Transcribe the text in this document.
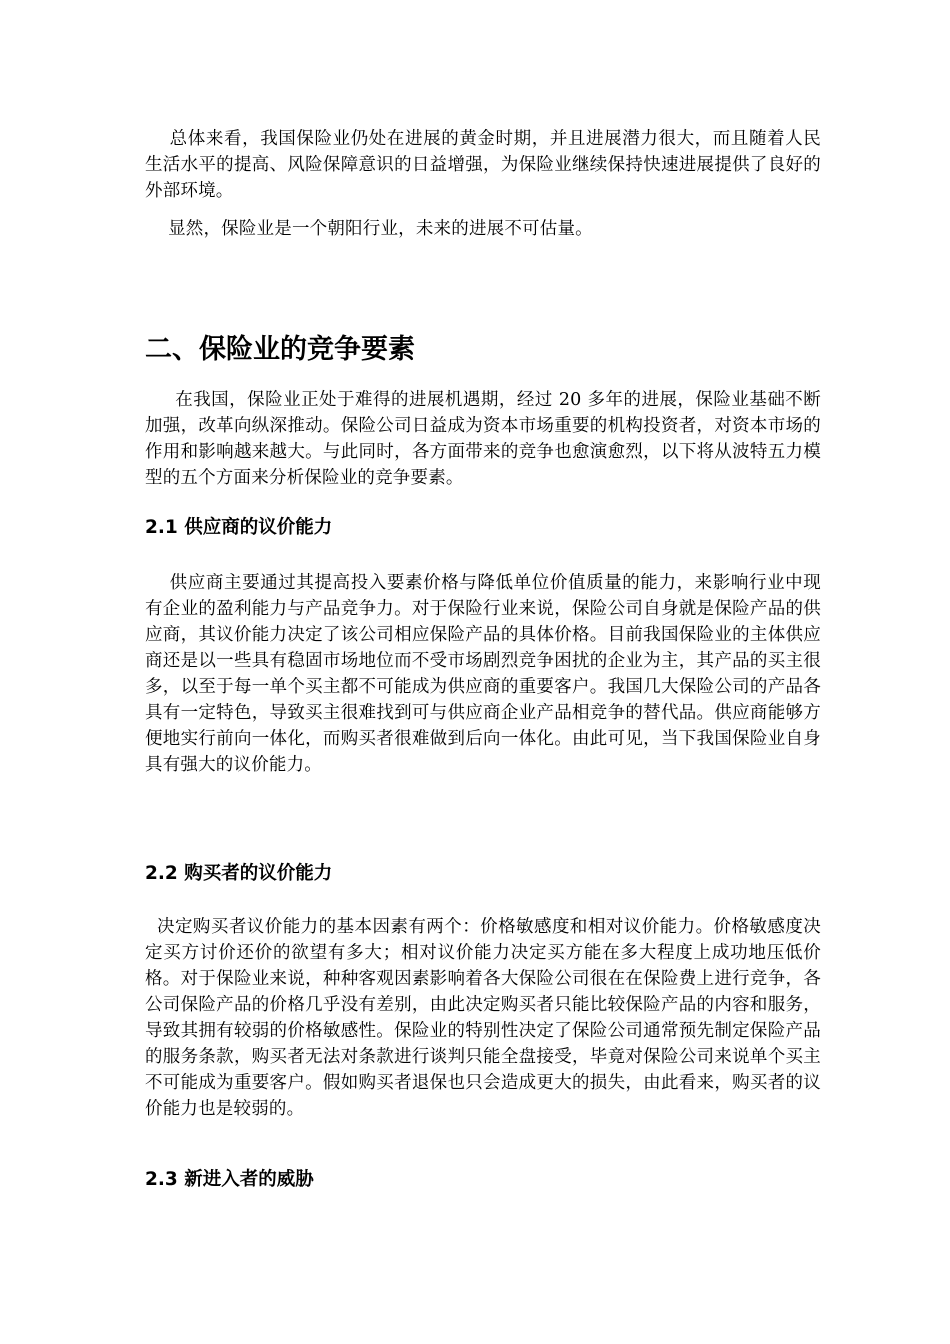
总体来看，我国保险业仍处在进展的黄金时期，并且进展潜力很大，而且随着人民生活水平的提高、风险保障意识的日益增强，为保险业继续保持快速进展提供了良好的外部环境。

显然，保险业是一个朝阳行业，未来的进展不可估量。

二、保险业的竞争要素

在我国，保险业正处于难得的进展机遇期，经过 20 多年的进展，保险业基础不断加强，改革向纵深推动。保险公司日益成为资本市场重要的机构投资者，对资本市场的作用和影响越来越大。与此同时，各方面带来的竞争也愈演愈烈，以下将从波特五力模型的五个方面来分析保险业的竞争要素。

2.1 供应商的议价能力

供应商主要通过其提高投入要素价格与降低单位价值质量的能力，来影响行业中现有企业的盈利能力与产品竞争力。对于保险行业来说，保险公司自身就是保险产品的供应商，其议价能力决定了该公司相应保险产品的具体价格。目前我国保险业的主体供应商还是以一些具有稳固市场地位而不受市场剧烈竞争困扰的企业为主，其产品的买主很多，以至于每一单个买主都不可能成为供应商的重要客户。我国几大保险公司的产品各具有一定特色，导致买主很难找到可与供应商企业产品相竞争的替代品。供应商能够方便地实行前向一体化，而购买者很难做到后向一体化。由此可见，当下我国保险业自身具有强大的议价能力。

2.2 购买者的议价能力

决定购买者议价能力的基本因素有两个：价格敏感度和相对议价能力。价格敏感度决定买方讨价还价的欲望有多大；相对议价能力决定买方能在多大程度上成功地压低价格。对于保险业来说，种种客观因素影响着各大保险公司很在在保险费上进行竞争，各公司保险产品的价格几乎没有差别，由此决定购买者只能比较保险产品的内容和服务，导致其拥有较弱的价格敏感性。保险业的特别性决定了保险公司通常预先制定保险产品的服务条款，购买者无法对条款进行谈判只能全盘接受，毕竟对保险公司来说单个买主不可能成为重要客户。假如购买者退保也只会造成更大的损失，由此看来，购买者的议价能力也是较弱的。

2.3 新进入者的威胁
